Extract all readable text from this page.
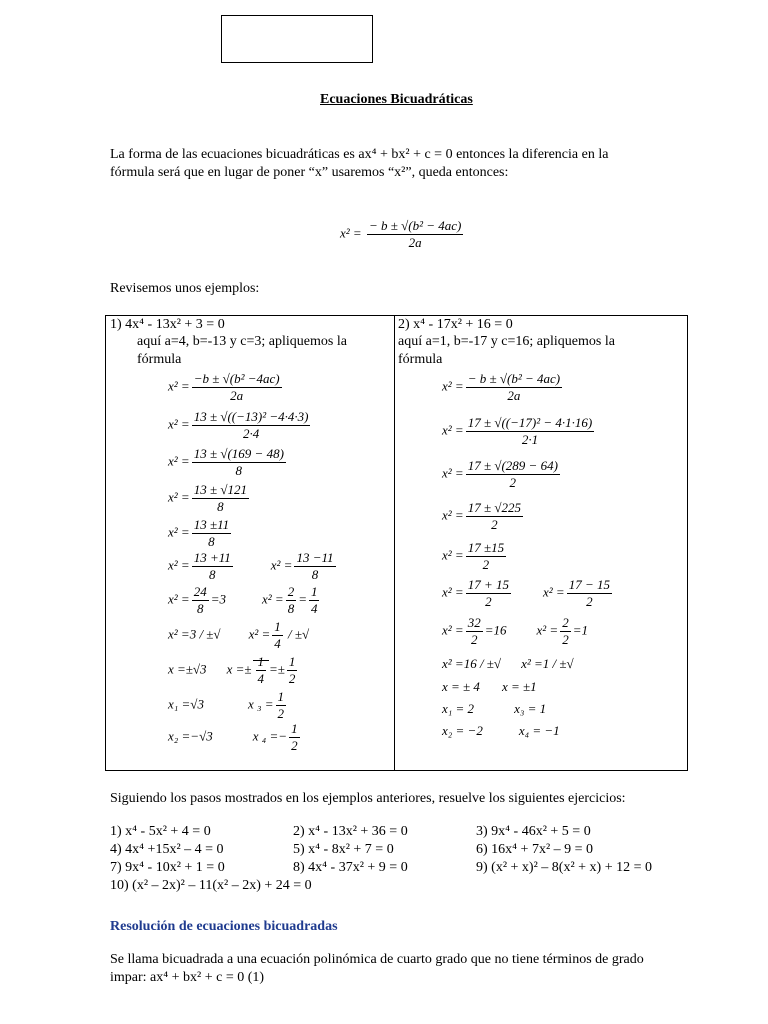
Ecuaciones Bicuadráticas
La forma de las ecuaciones bicuadráticas es ax⁴ + bx² + c = 0 entonces la diferencia en la
fórmula será que en lugar de poner “x” usaremos “x²”, queda entonces:
$x^2 = \frac{\text{− b ± √(b² − 4ac)}}{2a}$
Revisemos unos ejemplos:
1) 4x⁴ - 13x² + 3 = 0
aquí a=4, b=-13 y c=3; apliquemos la
fórmula
$x^2 = \frac{\text{−b ± √(b² −4ac)}}{2a}$
$x^2 = \frac{\text{13 ± √((−13)² −4·4·3)}}{2\cdot 4}$
$x^2 = \frac{13 \pm √(169 - 48)}{8}$
$x^2 = \frac{13 \pm √121}{8}$
$x^2 = \frac{13 \pm 11}{8}$
$x^2 = \frac{13 +11}{8}$	$x^2 = \frac{13 -11}{8}$
$x^2 = \frac{24}{8} =3$	$x^2 = \frac{2}{8} = \frac{1}{4}$
x² =3 / ±√ $x^2 = \frac{1}{4}$ / ±√
x =±√3 $x =\pm \frac{1}{4} =\pm \frac{1}{2}$
x₁ =√3	x $_3 = \frac{1}{2}$
x₂ =−√3	x $_4 =- \frac{1}{2}$
2) x⁴ - 17x² + 16 = 0
aquí a=1, b=-17 y c=16; apliquemos la
fórmula
$x^2 = \frac{\text{− b ± √(b² − 4ac)}}{2a}$
$x^2 = \frac{\text{17 ± √((−17)² − 4·1·16)}}{2\cdot 1}$
$x^2 = \frac{17 \pm √(289 - 64)}{2}$
$x^2 = \frac{17 \pm √225}{2}$
$x^2 = \frac{17 \pm 15}{2}$
$x^2 = \frac{17 + 15}{2} x^2 = \frac{17 - 15}{2}$
$x^2 = \frac{32}{2} =16$ $x^2 = \frac{2}{2} =1$
x² =16 / ±√ x² =1 / ±√
x = ± 4 x = ±1
x₁ = 2	x₃ = 1
x₂ = −2	x₄ = −1
Siguiendo los pasos mostrados en los ejemplos anteriores, resuelve los siguientes ejercicios:
1) x⁴ - 5x² + 4 = 0	2) x⁴ - 13x² + 36 = 0	3) 9x⁴ - 46x² + 5 = 0
4) 4x⁴ +15x² – 4 = 0	5) x⁴ - 8x² + 7 = 0	6) 16x⁴ + 7x² – 9 = 0
7) 9x⁴ - 10x² + 1 = 0	8) 4x⁴ - 37x² + 9 = 0	9) (x² + x)² – 8(x² + x) + 12 = 0
10) (x² – 2x)² – 11(x² – 2x) + 24 = 0
Resolución de ecuaciones bicuadradas
Se llama bicuadrada a una ecuación polinómica de cuarto grado que no tiene términos de grado
impar: ax⁴ + bx² + c = 0 (1)
